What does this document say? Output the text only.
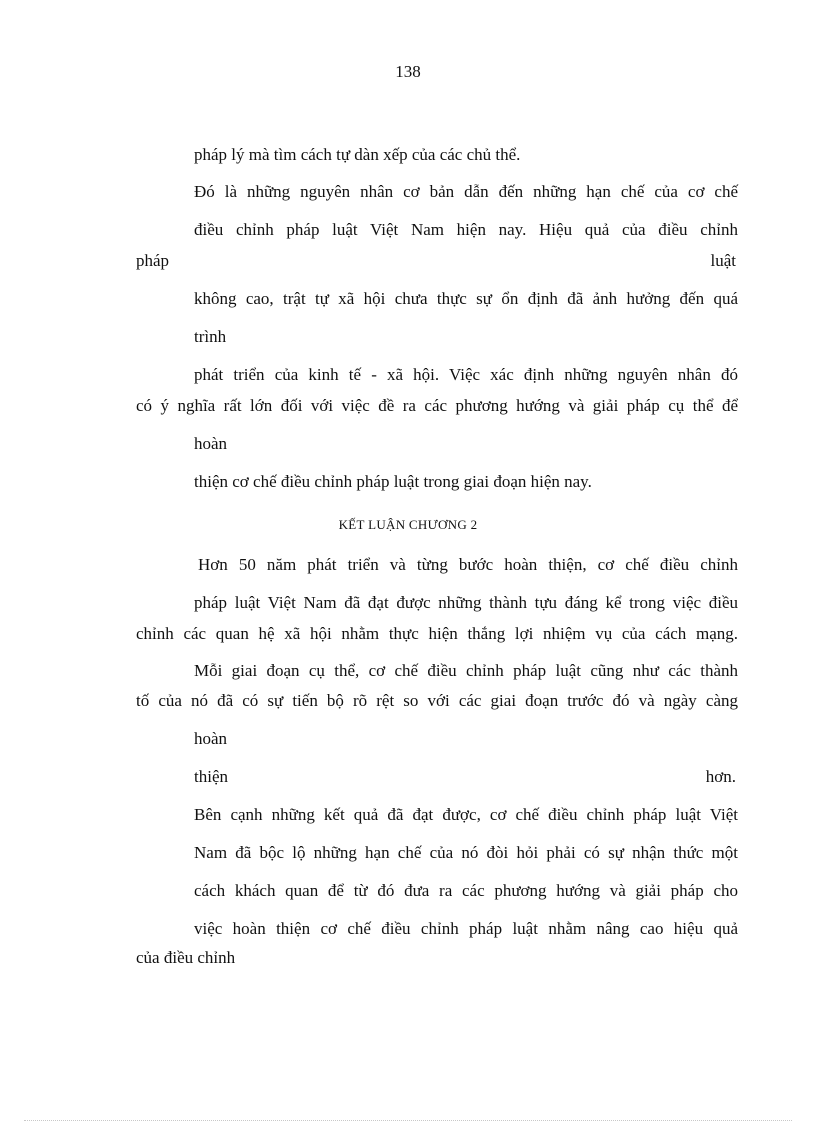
138
pháp lý mà tìm cách tự dàn xếp của các chủ thể.
Đó là những nguyên nhân cơ bản dẫn đến những hạn chế của cơ chế
điều chỉnh pháp luật Việt Nam hiện nay. Hiệu quả của điều chỉnh
pháp	luật
không cao, trật tự xã hội chưa thực sự ổn định đã ảnh hưởng đến quá
trình
phát triển của kinh tế - xã hội. Việc xác định những nguyên nhân đó
có ý nghĩa rất lớn đối với việc đề ra các phương hướng và giải pháp cụ thể để
hoàn
thiện cơ chế điều chỉnh pháp luật trong giai đoạn hiện nay.
KẾT LUẬN CHƯƠNG 2
Hơn 50 năm phát triển và từng bước hoàn thiện, cơ chế điều chỉnh
pháp luật Việt Nam đã đạt được những thành tựu đáng kể trong việc điều
chỉnh các quan hệ xã hội nhằm thực hiện thắng lợi nhiệm vụ của cách mạng.
Mỗi giai đoạn cụ thể, cơ chế điều chỉnh pháp luật cũng như các thành
tố của nó đã có sự tiến bộ rõ rệt so với các giai đoạn trước đó và ngày càng
hoàn
thiện	hơn.
Bên cạnh những kết quả đã đạt được, cơ chế điều chỉnh pháp luật Việt
Nam đã bộc lộ những hạn chế của nó đòi hỏi phải có sự nhận thức một
cách khách quan để từ đó đưa ra các phương hướng và giải pháp cho
việc hoàn thiện cơ chế điều chỉnh pháp luật nhằm nâng cao hiệu quả
của điều chỉnh
